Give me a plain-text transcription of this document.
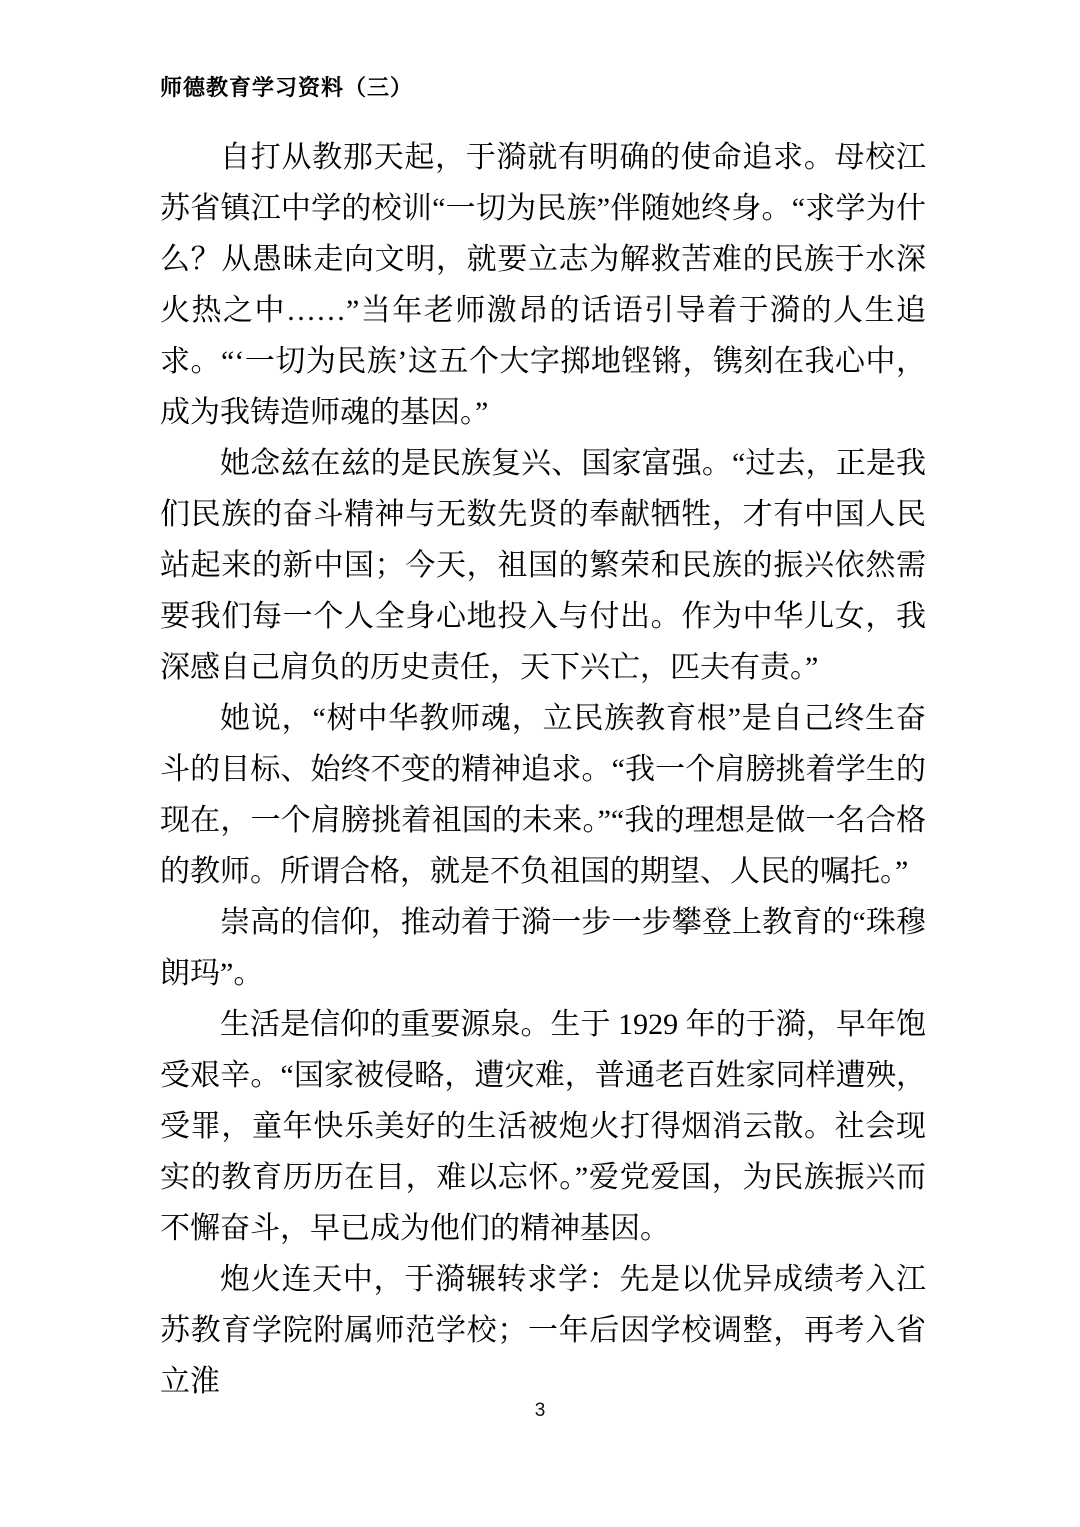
师德教育学习资料（三）

自打从教那天起，于漪就有明确的使命追求。母校江苏省镇江中学的校训“一切为民族”伴随她终身。“求学为什么？从愚昧走向文明，就要立志为解救苦难的民族于水深火热之中……”当年老师激昂的话语引导着于漪的人生追求。“‘一切为民族’这五个大字掷地铿锵，镌刻在我心中，成为我铸造师魂的基因。”

她念兹在兹的是民族复兴、国家富强。“过去，正是我们民族的奋斗精神与无数先贤的奉献牺牲，才有中国人民站起来的新中国；今天，祖国的繁荣和民族的振兴依然需要我们每一个人全身心地投入与付出。作为中华儿女，我深感自己肩负的历史责任，天下兴亡，匹夫有责。”

她说，“树中华教师魂，立民族教育根”是自己终生奋斗的目标、始终不变的精神追求。“我一个肩膀挑着学生的现在，一个肩膀挑着祖国的未来。”“我的理想是做一名合格的教师。所谓合格，就是不负祖国的期望、人民的嘱托。”

崇高的信仰，推动着于漪一步一步攀登上教育的“珠穆朗玛”。

生活是信仰的重要源泉。生于 1929 年的于漪，早年饱受艰辛。“国家被侵略，遭灾难，普通老百姓家同样遭殃，受罪，童年快乐美好的生活被炮火打得烟消云散。社会现实的教育历历在目，难以忘怀。”爱党爱国，为民族振兴而不懈奋斗，早已成为他们的精神基因。

炮火连天中，于漪辗转求学：先是以优异成绩考入江苏教育学院附属师范学校；一年后因学校调整，再考入省立淮

3
